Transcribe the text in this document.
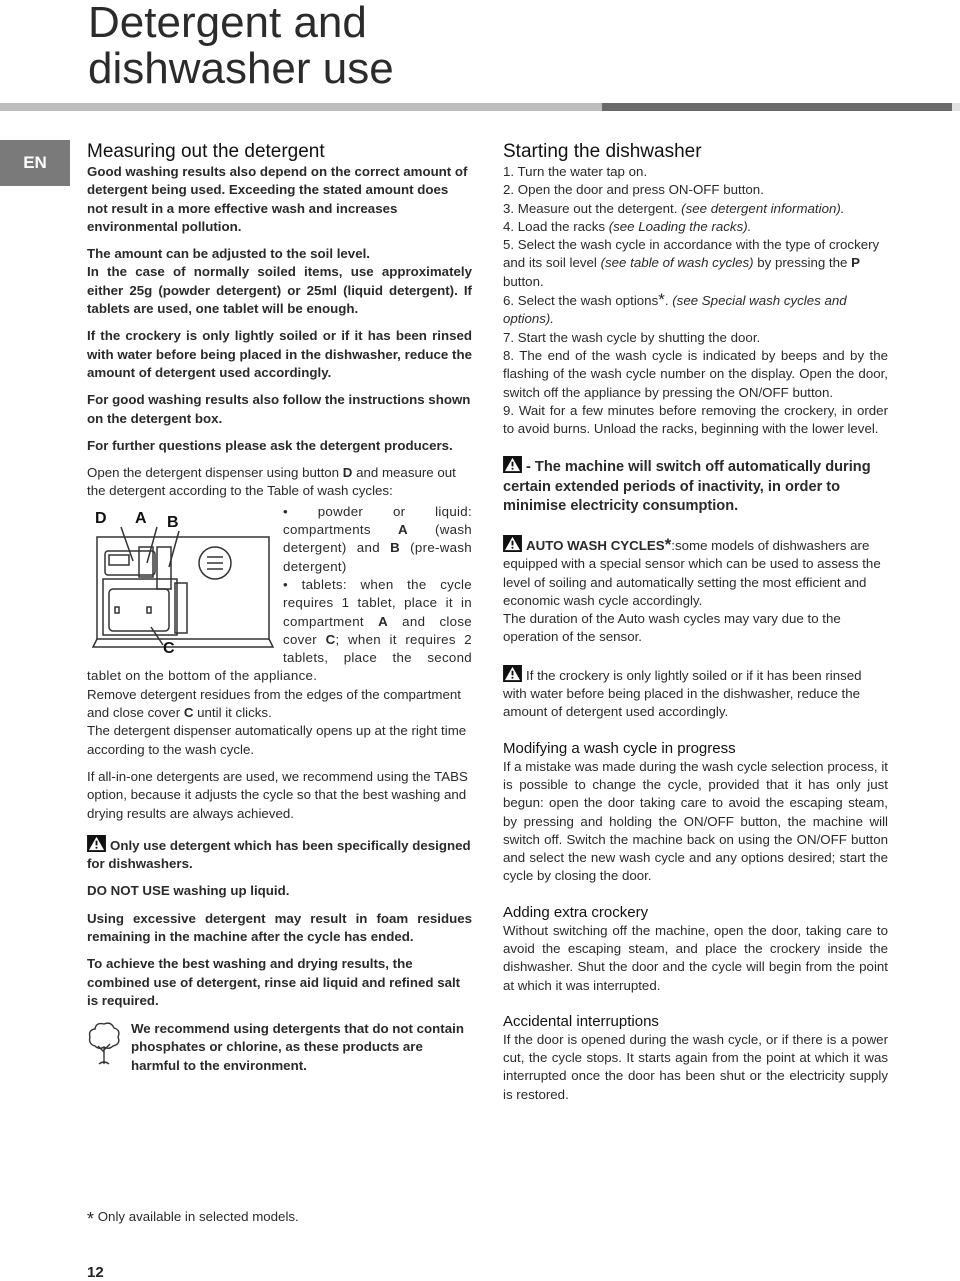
Detergent and
dishwasher use
EN
Measuring out the detergent

Good washing results also depend on the correct amount of detergent being used. Exceeding the stated amount does not result in a more effective wash and increases environmental pollution.

The amount can be adjusted to the soil level.

In the case of normally soiled items, use approximately either 25g (powder detergent) or 25ml (liquid detergent). If tablets are used, one tablet will be enough.

If the crockery is only lightly soiled or if it has been rinsed with water before being placed in the dishwasher, reduce the amount of detergent used accordingly.

For good washing results also follow the instructions shown on the detergent box.

For further questions please ask the detergent producers.

Open the detergent dispenser using button D and measure out the detergent according to the Table of wash cycles:

D A B
C

• powder or liquid: compartments A (wash detergent) and B (pre-wash detergent)

• tablets: when the cycle requires 1 tablet, place it in compartment A and close cover C; when it requires 2 tablets, place the second tablet on the bottom of the appliance.

Remove detergent residues from the edges of the compartment and close cover C until it clicks.

The detergent dispenser automatically opens up at the right time according to the wash cycle.

If all-in-one detergents are used, we recommend using the TABS option, because it adjusts the cycle so that the best washing and drying results are always achieved.

Only use detergent which has been specifically designed for dishwashers.

DO NOT USE washing up liquid.

Using excessive detergent may result in foam residues remaining in the machine after the cycle has ended.

To achieve the best washing and drying results, the combined use of detergent, rinse aid liquid and refined salt is required.

We recommend using detergents that do not contain phosphates or chlorine, as these products are harmful to the environment.

Starting the dishwasher

1. Turn the water tap on.

2. Open the door and press ON-OFF button.

3. Measure out the detergent. (see detergent information).

4. Load the racks (see Loading the racks).

5. Select the wash cycle in accordance with the type of crockery and its soil level (see table of wash cycles) by pressing the P button.

6. Select the wash options*. (see Special wash cycles and options).

7. Start the wash cycle by shutting the door.

8. The end of the wash cycle is indicated by beeps and by the flashing of the wash cycle number on the display. Open the door, switch off the appliance by pressing the ON/OFF button.

9. Wait for a few minutes before removing the crockery, in order to avoid burns. Unload the racks, beginning with the lower level.

- The machine will switch off automatically during certain extended periods of inactivity, in order to minimise electricity consumption.

AUTO WASH CYCLES*:some models of dishwashers are equipped with a special sensor which can be used to assess the level of soiling and automatically setting the most efficient and economic wash cycle accordingly.

The duration of the Auto wash cycles may vary due to the operation of the sensor.

If the crockery is only lightly soiled or if it has been rinsed with water before being placed in the dishwasher, reduce the amount of detergent used accordingly.

Modifying a wash cycle in progress

If a mistake was made during the wash cycle selection process, it is possible to change the cycle, provided that it has only just begun: open the door taking care to avoid the escaping steam, by pressing and holding the ON/OFF button, the machine will switch off. Switch the machine back on using the ON/OFF button and select the new wash cycle and any options desired; start the cycle by closing the door.

Adding extra crockery

Without switching off the machine, open the door, taking care to avoid the escaping steam, and place the crockery inside the dishwasher. Shut the door and the cycle will begin from the point at which it was interrupted.

Accidental interruptions

If the door is opened during the wash cycle, or if there is a power cut, the cycle stops. It starts again from the point at which it was interrupted once the door has been shut or the electricity supply is restored.

* Only available in selected models.
12
